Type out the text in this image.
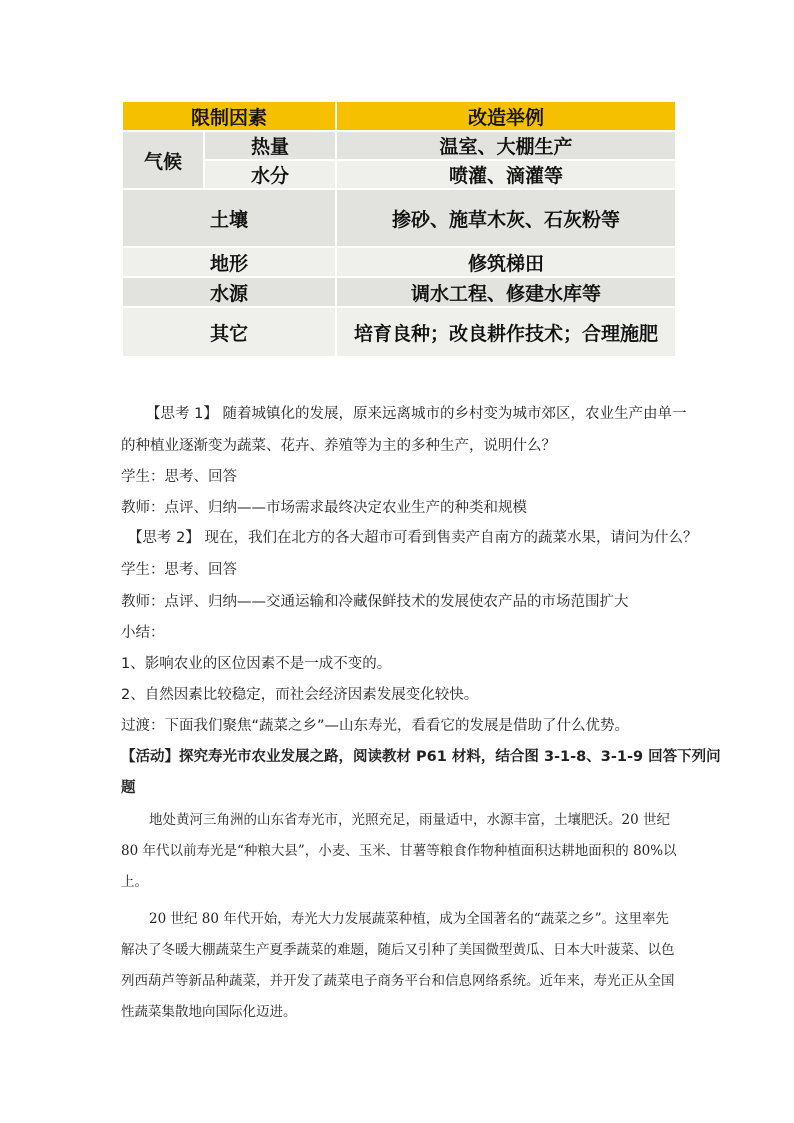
限制因素		改造举例
气候	热量	温室、大棚生产
	水分	喷灌、滴灌等
土壤		掺砂、施草木灰、石灰粉等
地形		修筑梯田
水源		调水工程、修建水库等
其它		培育良种；改良耕作技术；合理施肥
【思考 1】 随着城镇化的发展，原来远离城市的乡村变为城市郊区，农业生产由单一
的种植业逐渐变为蔬菜、花卉、养殖等为主的多种生产，说明什么？
学生：思考、回答
教师：点评、归纳——市场需求最终决定农业生产的种类和规模
【思考 2】 现在，我们在北方的各大超市可看到售卖产自南方的蔬菜水果，请问为什么？
学生：思考、回答
教师：点评、归纳——交通运输和冷藏保鲜技术的发展使农产品的市场范围扩大
小结：
1、影响农业的区位因素不是一成不变的。
2、自然因素比较稳定，而社会经济因素发展变化较快。
过渡：下面我们聚焦“蔬菜之乡”—山东寿光，看看它的发展是借助了什么优势。
【活动】探究寿光市农业发展之路，阅读教材 P61 材料，结合图 3-1-8、3-1-9 回答下列问
题
地处黄河三角洲的山东省寿光市，光照充足，雨量适中，水源丰富，土壤肥沃。20 世纪 80 年代以前寿光是“种粮大县”，小麦、玉米、甘薯等粮食作物种植面积达耕地面积的 80%以上。
20 世纪 80 年代开始，寿光大力发展蔬菜种植，成为全国著名的“蔬菜之乡”。这里率先解决了冬暖大棚蔬菜生产夏季蔬菜的难题，随后又引种了美国微型黄瓜、日本大叶菠菜、以色列西葫芦等新品种蔬菜，并开发了蔬菜电子商务平台和信息网络系统。近年来，寿光正从全国性蔬菜集散地向国际化迈进。
